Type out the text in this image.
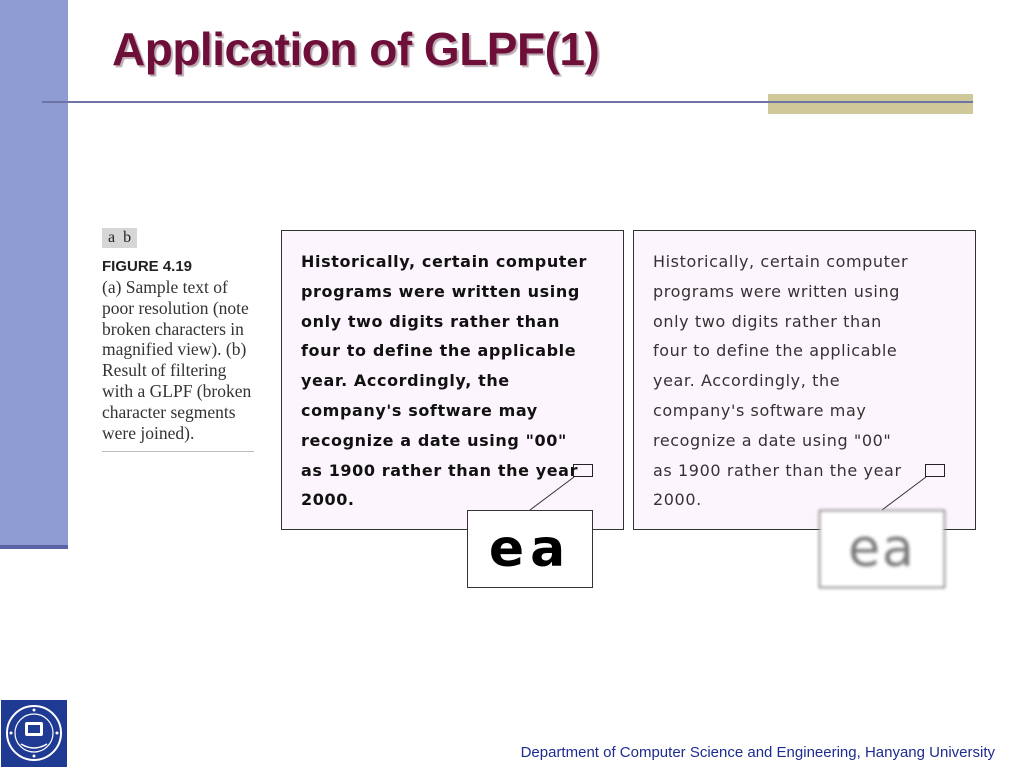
Application of GLPF(1)
a b
FIGURE 4.19
(a) Sample text of poor resolution (note broken characters in magnified view). (b) Result of filtering with a GLPF (broken character segments were joined).

Historically, certain computer
programs were written using
only two digits rather than
four to define the applicable
year. Accordingly, the
company's software may
recognize a date using "00"
as 1900 rather than the year
2000.

Historically, certain computer
programs were written using
only two digits rather than
four to define the applicable
year. Accordingly, the
company's software may
recognize a date using "00"
as 1900 rather than the year
2000.

ea	ea
Department of Computer Science and Engineering, Hanyang University
